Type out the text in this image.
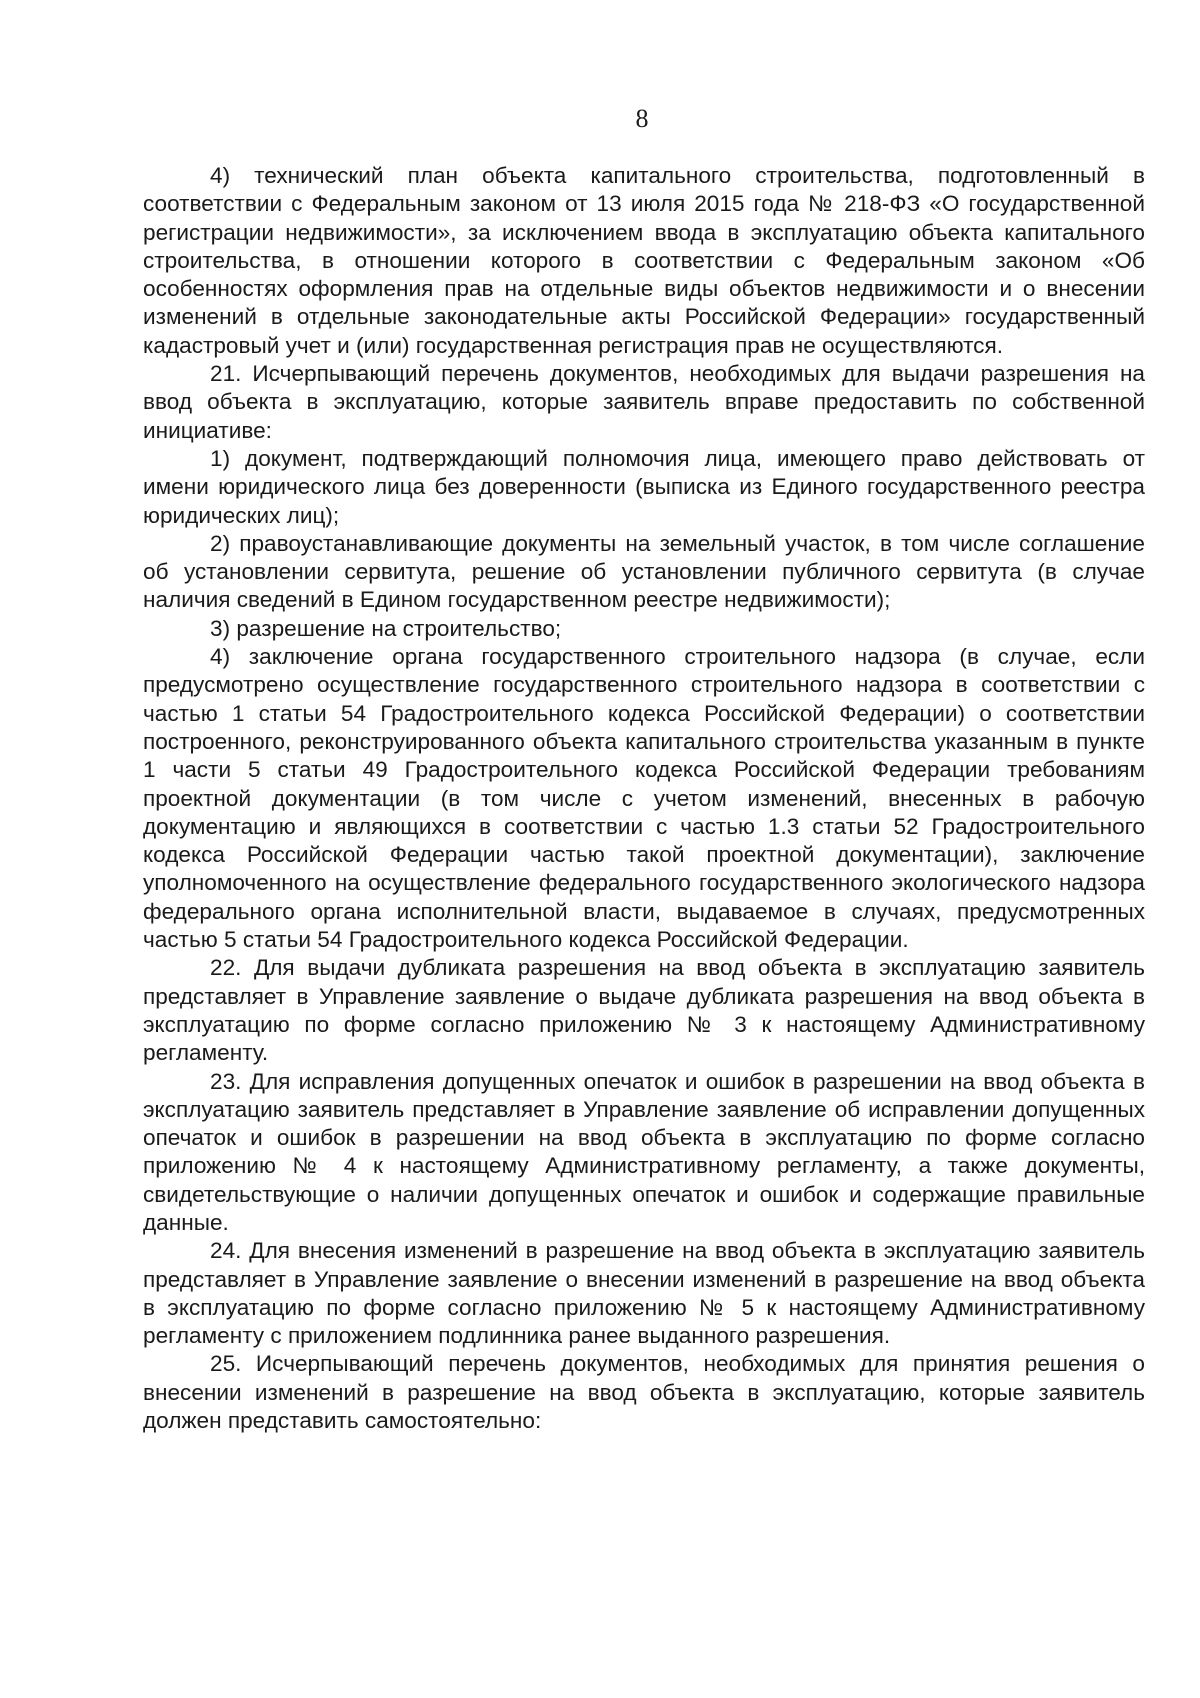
8

4) технический план объекта капитального строительства, подготовленный в соответствии с Федеральным законом от 13 июля 2015 года № 218-ФЗ «О государственной регистрации недвижимости», за исключением ввода в эксплуатацию объекта капитального строительства, в отношении которого в соответствии с Федеральным законом «Об особенностях оформления прав на отдельные виды объектов недвижимости и о внесении изменений в отдельные законодательные акты Российской Федерации» государственный кадастровый учет и (или) государственная регистрация прав не осуществляются.

21. Исчерпывающий перечень документов, необходимых для выдачи разрешения на ввод объекта в эксплуатацию, которые заявитель вправе предоставить по собственной инициативе:

1) документ, подтверждающий полномочия лица, имеющего право действовать от имени юридического лица без доверенности (выписка из Единого государственного реестра юридических лиц);

2) правоустанавливающие документы на земельный участок, в том числе соглашение об установлении сервитута, решение об установлении публичного сервитута (в случае наличия сведений в Едином государственном реестре недвижимости);

3) разрешение на строительство;

4) заключение органа государственного строительного надзора (в случае, если предусмотрено осуществление государственного строительного надзора в соответствии с частью 1 статьи 54 Градостроительного кодекса Российской Федерации) о соответствии построенного, реконструированного объекта капитального строительства указанным в пункте 1 части 5 статьи 49 Градостроительного кодекса Российской Федерации требованиям проектной документации (в том числе с учетом изменений, внесенных в рабочую документацию и являющихся в соответствии с частью 1.3 статьи 52 Градостроительного кодекса Российской Федерации частью такой проектной документации), заключение уполномоченного на осуществление федерального государственного экологического надзора федерального органа исполнительной власти, выдаваемое в случаях, предусмотренных частью 5 статьи 54 Градостроительного кодекса Российской Федерации.

22. Для выдачи дубликата разрешения на ввод объекта в эксплуатацию заявитель представляет в Управление заявление о выдаче дубликата разрешения на ввод объекта в эксплуатацию по форме согласно приложению № 3 к настоящему Административному регламенту.

23. Для исправления допущенных опечаток и ошибок в разрешении на ввод объекта в эксплуатацию заявитель представляет в Управление заявление об исправлении допущенных опечаток и ошибок в разрешении на ввод объекта в эксплуатацию по форме согласно приложению № 4 к настоящему Административному регламенту, а также документы, свидетельствующие о наличии допущенных опечаток и ошибок и содержащие правильные данные.

24. Для внесения изменений в разрешение на ввод объекта в эксплуатацию заявитель представляет в Управление заявление о внесении изменений в разрешение на ввод объекта в эксплуатацию по форме согласно приложению № 5 к настоящему Административному регламенту с приложением подлинника ранее выданного разрешения.

25. Исчерпывающий перечень документов, необходимых для принятия решения о внесении изменений в разрешение на ввод объекта в эксплуатацию, которые заявитель должен представить самостоятельно:
